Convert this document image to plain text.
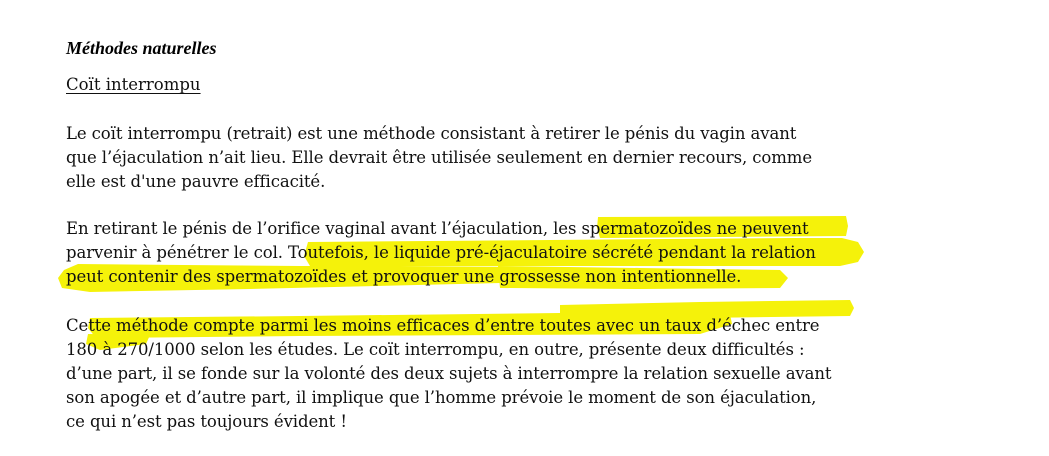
Méthodes naturelles
Coït interrompu
Le coït interrompu (retrait) est une méthode consistant à retirer le pénis du vagin avant
que l’éjaculation n’ait lieu. Elle devrait être utilisée seulement en dernier recours, comme
elle est d'une pauvre efficacité.
En retirant le pénis de l’orifice vaginal avant l’éjaculation, les spermatozoïdes ne peuvent
parvenir à pénétrer le col. Toutefois, le liquide pré-éjaculatoire sécrété pendant la relation
peut contenir des spermatozoïdes et provoquer une grossesse non intentionnelle.
Cette méthode compte parmi les moins efficaces d’entre toutes avec un taux d’échec entre
180 à 270/1000 selon les études. Le coït interrompu, en outre, présente deux difficultés :
d’une part, il se fonde sur la volonté des deux sujets à interrompre la relation sexuelle avant
son apogée et d’autre part, il implique que l’homme prévoie le moment de son éjaculation,
ce qui n’est pas toujours évident !
